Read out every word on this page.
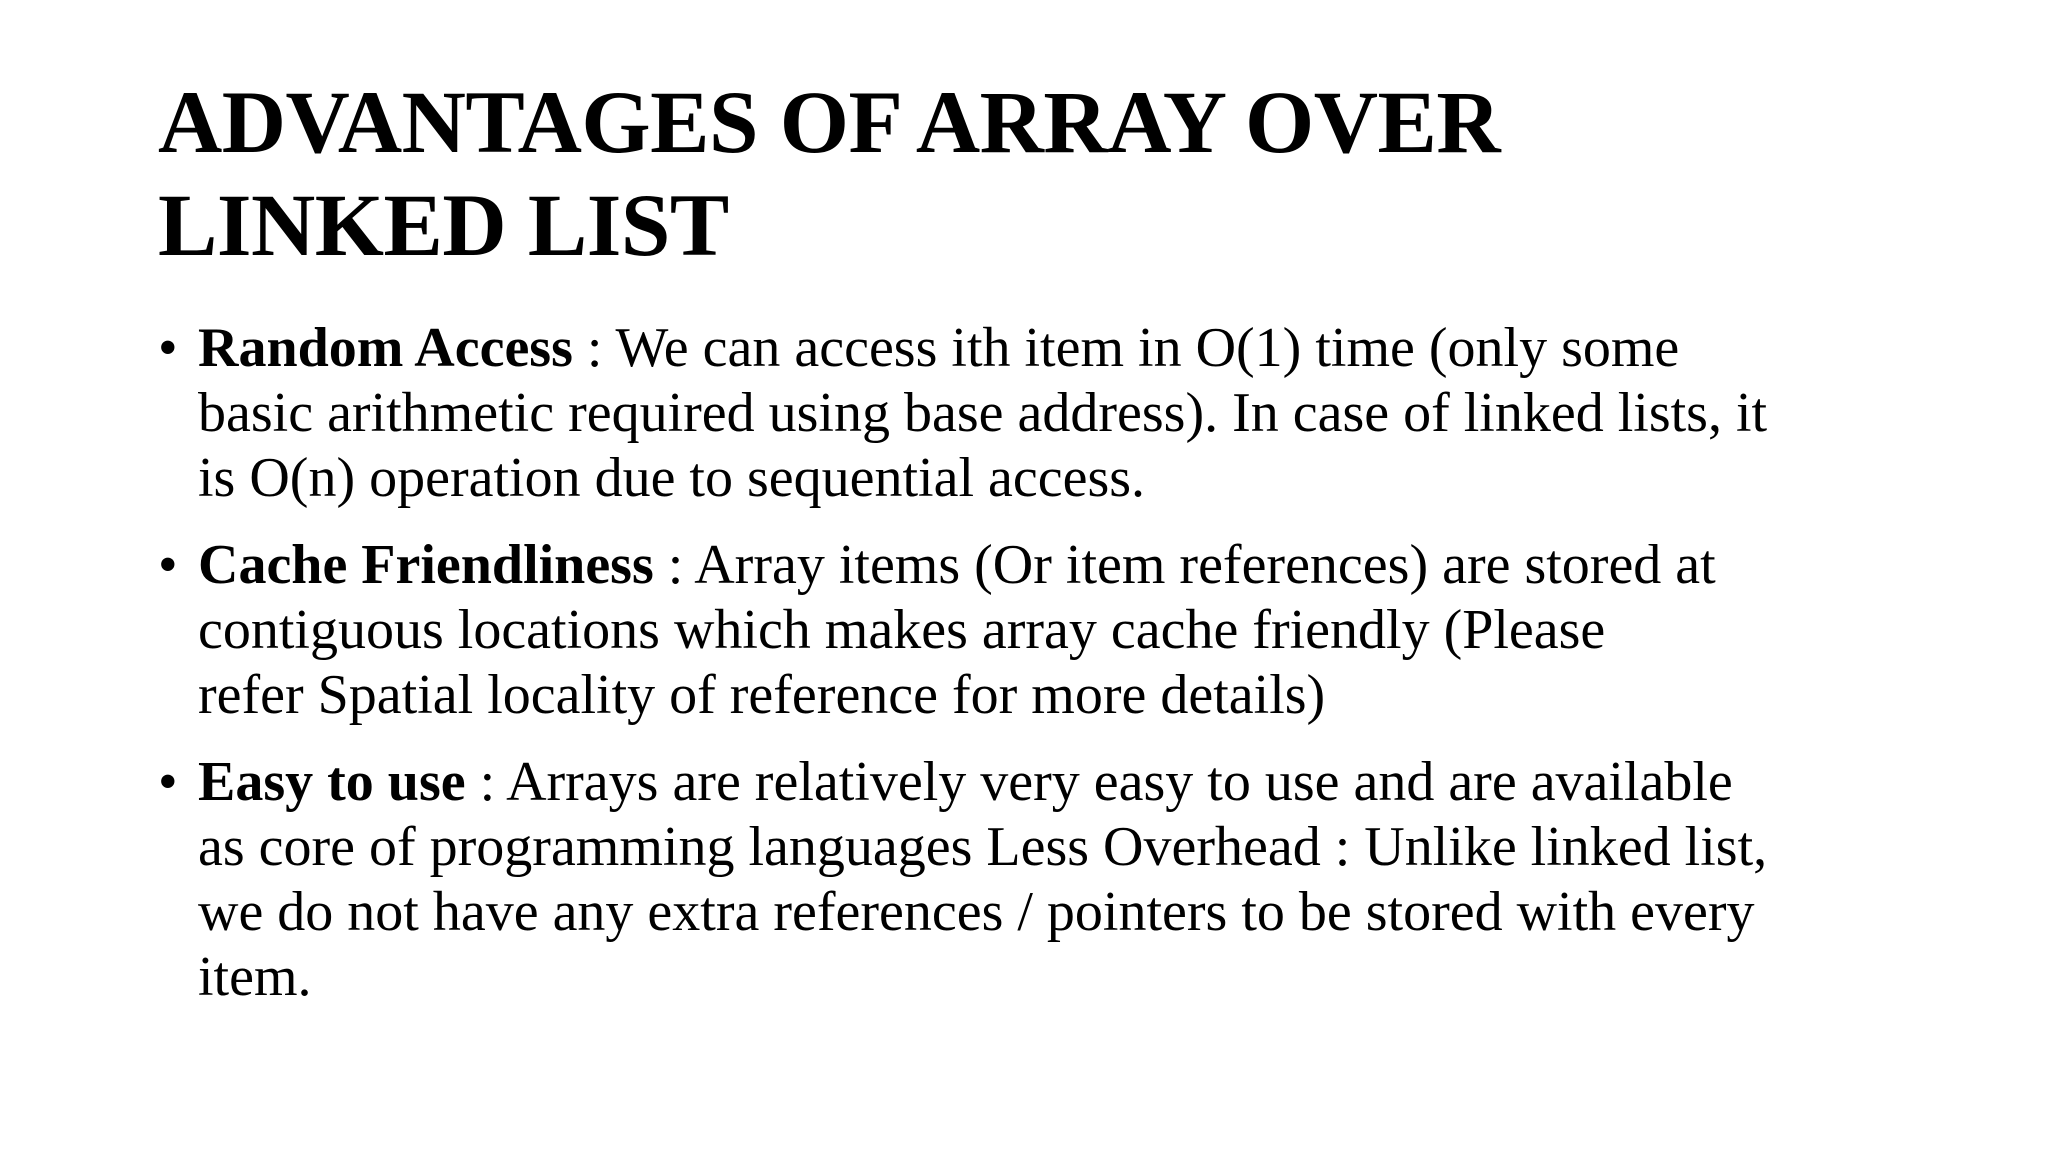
ADVANTAGES OF ARRAY OVER
LINKED LIST
• Random Access : We can access ith item in O(1) time (only some
basic arithmetic required using base address). In case of linked lists, it
is O(n) operation due to sequential access.
• Cache Friendliness : Array items (Or item references) are stored at
contiguous locations which makes array cache friendly (Please
refer Spatial locality of reference for more details)
• Easy to use : Arrays are relatively very easy to use and are available
as core of programming languages Less Overhead : Unlike linked list,
we do not have any extra references / pointers to be stored with every
item.
